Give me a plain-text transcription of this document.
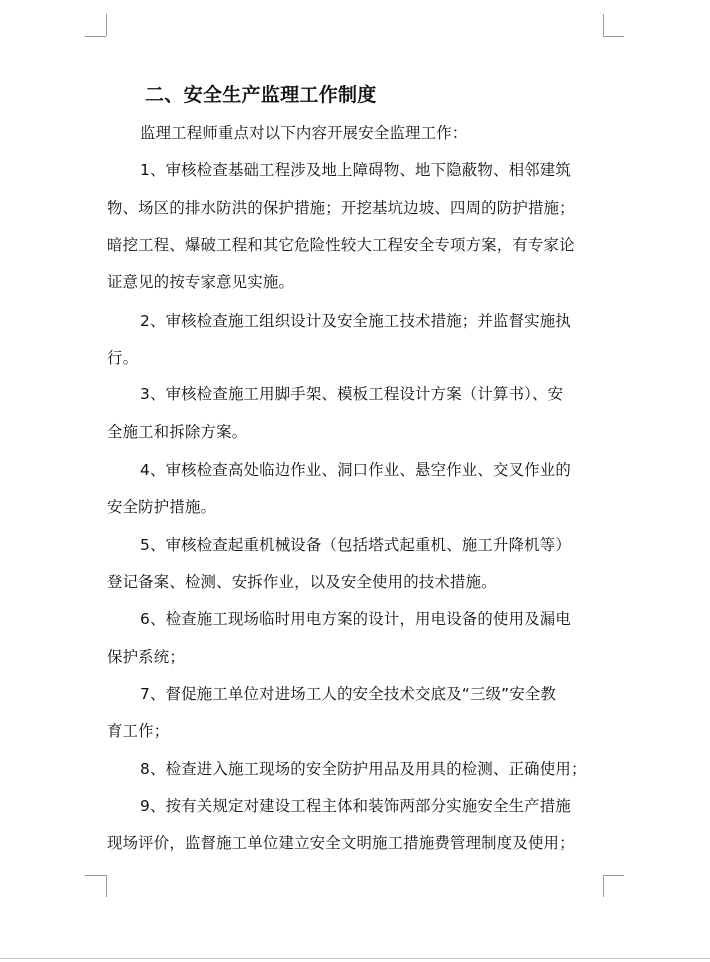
二、安全生产监理工作制度
监理工程师重点对以下内容开展安全监理工作：
1、审核检查基础工程涉及地上障碍物、地下隐蔽物、相邻建筑
物、场区的排水防洪的保护措施；开挖基坑边坡、四周的防护措施；
暗挖工程、爆破工程和其它危险性较大工程安全专项方案，有专家论
证意见的按专家意见实施。
2、审核检查施工组织设计及安全施工技术措施；并监督实施执
行。
3、审核检查施工用脚手架、模板工程设计方案（计算书）、安
全施工和拆除方案。
4、审核检查高处临边作业、洞口作业、悬空作业、交叉作业的
安全防护措施。
5、审核检查起重机械设备（包括塔式起重机、施工升降机等）
登记备案、检测、安拆作业，以及安全使用的技术措施。
6、检查施工现场临时用电方案的设计，用电设备的使用及漏电
保护系统；
7、督促施工单位对进场工人的安全技术交底及“三级”安全教
育工作；
8、检查进入施工现场的安全防护用品及用具的检测、正确使用；
9、按有关规定对建设工程主体和装饰两部分实施安全生产措施
现场评价，监督施工单位建立安全文明施工措施费管理制度及使用；
